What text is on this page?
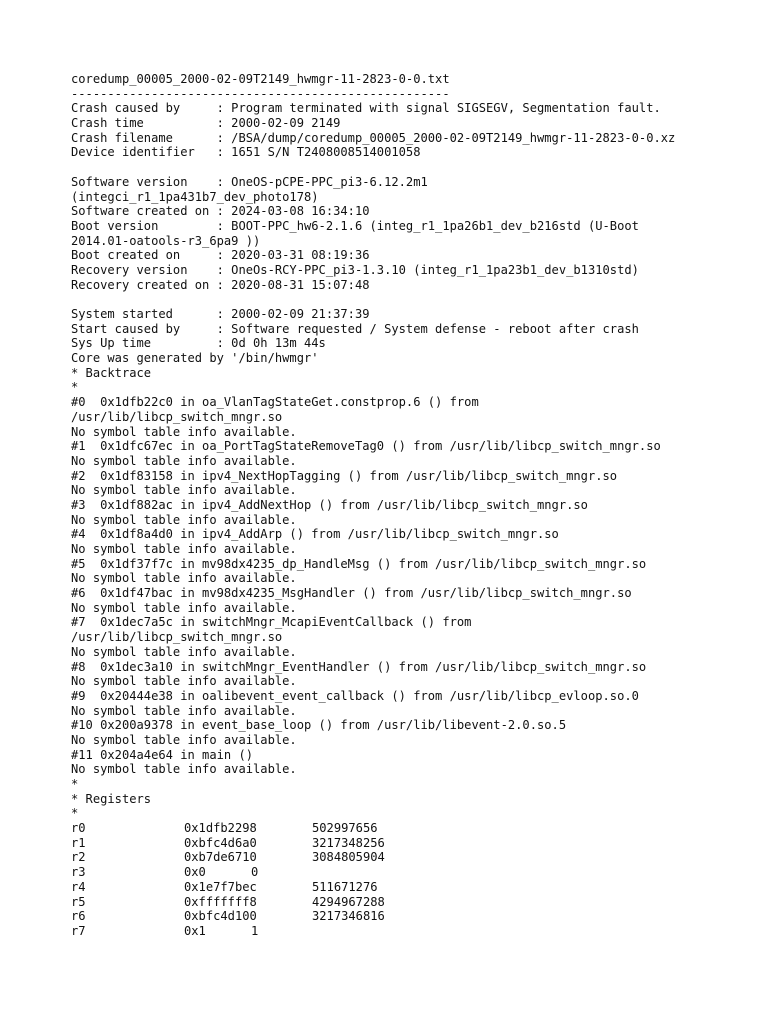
coredump_00005_2000-02-09T2149_hwmgr-11-2823-0-0.txt
----------------------------------------------------
Crash caused by     : Program terminated with signal SIGSEGV, Segmentation fault.
Crash time          : 2000-02-09 2149
Crash filename      : /BSA/dump/coredump_00005_2000-02-09T2149_hwmgr-11-2823-0-0.xz
Device identifier   : 1651 S/N T2408008514001058
Software version    : OneOS-pCPE-PPC_pi3-6.12.2m1
(integci_r1_1pa431b7_dev_photo178)
Software created on : 2024-03-08 16:34:10
Boot version        : BOOT-PPC_hw6-2.1.6 (integ_r1_1pa26b1_dev_b216std (U-Boot
2014.01-oatools-r3_6pa9 ))
Boot created on     : 2020-03-31 08:19:36
Recovery version    : OneOs-RCY-PPC_pi3-1.3.10 (integ_r1_1pa23b1_dev_b1310std)
Recovery created on : 2020-08-31 15:07:48
System started      : 2000-02-09 21:37:39
Start caused by     : Software requested / System defense - reboot after crash
Sys Up time         : 0d 0h 13m 44s
Core was generated by '/bin/hwmgr'
* Backtrace
*
#0  0x1dfb22c0 in oa_VlanTagStateGet.constprop.6 () from
/usr/lib/libcp_switch_mngr.so
No symbol table info available.
#1  0x1dfc67ec in oa_PortTagStateRemoveTag0 () from /usr/lib/libcp_switch_mngr.so
No symbol table info available.
#2  0x1df83158 in ipv4_NextHopTagging () from /usr/lib/libcp_switch_mngr.so
No symbol table info available.
#3  0x1df882ac in ipv4_AddNextHop () from /usr/lib/libcp_switch_mngr.so
No symbol table info available.
#4  0x1df8a4d0 in ipv4_AddArp () from /usr/lib/libcp_switch_mngr.so
No symbol table info available.
#5  0x1df37f7c in mv98dx4235_dp_HandleMsg () from /usr/lib/libcp_switch_mngr.so
No symbol table info available.
#6  0x1df47bac in mv98dx4235_MsgHandler () from /usr/lib/libcp_switch_mngr.so
No symbol table info available.
#7  0x1dec7a5c in switchMngr_McapiEventCallback () from
/usr/lib/libcp_switch_mngr.so
No symbol table info available.
#8  0x1dec3a10 in switchMngr_EventHandler () from /usr/lib/libcp_switch_mngr.so
No symbol table info available.
#9  0x20444e38 in oalibevent_event_callback () from /usr/lib/libcp_evloop.so.0
No symbol table info available.
#10 0x200a9378 in event_base_loop () from /usr/lib/libevent-2.0.so.5
No symbol table info available.
#11 0x204a4e64 in main ()
No symbol table info available.
*
* Registers
*
r0	0x1dfb2298	502997656
r1	0xbfc4d6a0	3217348256
r2	0xb7de6710	3084805904
r3	0x0	0
r4	0x1e7f7bec	511671276
r5	0xfffffff8	4294967288
r6	0xbfc4d100	3217346816
r7	0x1	1
